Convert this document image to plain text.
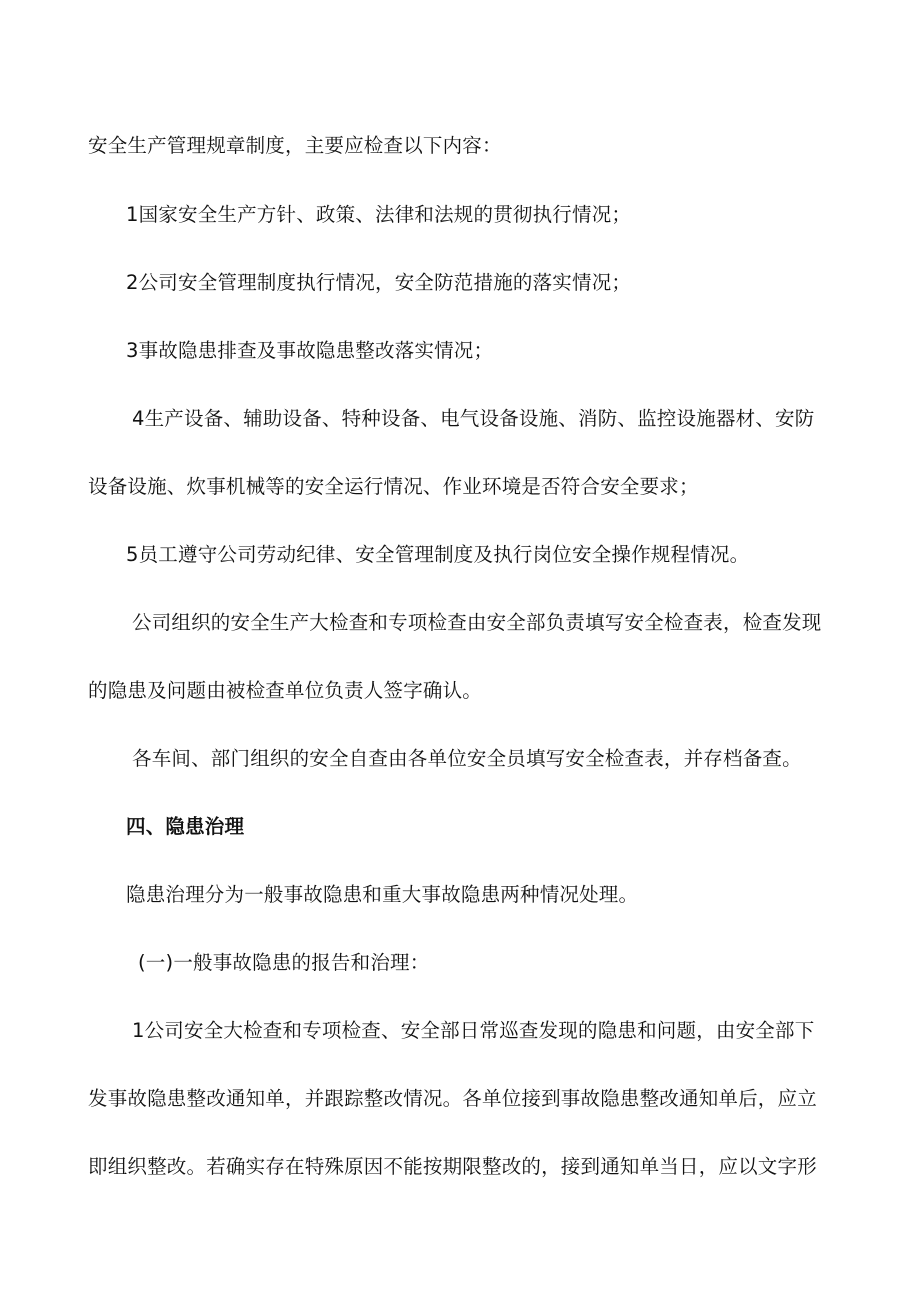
安全生产管理规章制度，主要应检查以下内容：
1国家安全生产方针、政策、法律和法规的贯彻执行情况；
2公司安全管理制度执行情况，安全防范措施的落实情况；
3事故隐患排查及事故隐患整改落实情况；
4生产设备、辅助设备、特种设备、电气设备设施、消防、监控设施器材、安防
设备设施、炊事机械等的安全运行情况、作业环境是否符合安全要求；
5员工遵守公司劳动纪律、安全管理制度及执行岗位安全操作规程情况。
公司组织的安全生产大检查和专项检查由安全部负责填写安全检查表，检查发现
的隐患及问题由被检查单位负责人签字确认。
各车间、部门组织的安全自查由各单位安全员填写安全检查表，并存档备查。
四、隐患治理
隐患治理分为一般事故隐患和重大事故隐患两种情况处理。
(一)一般事故隐患的报告和治理：
1公司安全大检查和专项检查、安全部日常巡查发现的隐患和问题，由安全部下
发事故隐患整改通知单，并跟踪整改情况。各单位接到事故隐患整改通知单后，应立
即组织整改。若确实存在特殊原因不能按期限整改的，接到通知单当日，应以文字形
